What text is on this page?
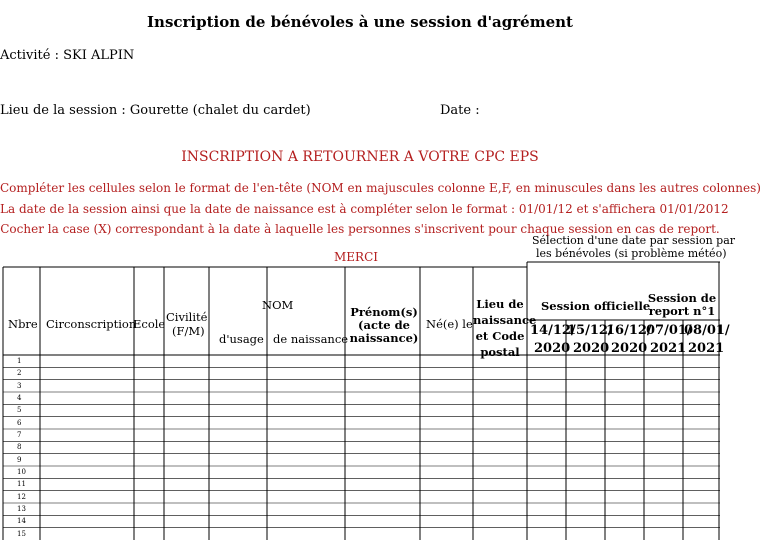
Inscription de bénévoles à une session d'agrément
Activité : SKI ALPIN
Lieu de la session : Gourette (chalet du cardet)	Date :
INSCRIPTION A RETOURNER A VOTRE CPC EPS
Compléter les cellules selon le format de l'en-tête (NOM en majuscules colonne E,F, en minuscules dans les autres colonnes)
La date de la session ainsi que la date de naissance est à compléter selon le format : 01/01/12 et s'affichera 01/01/2012
Cocher la case (X) correspondant à la date à laquelle les personnes s'inscrivent pour chaque session en cas de report.
MERCI
Sélection d'une date par session par
les bénévoles (si problème météo)
Nbre Circonscription
Ecole Civilité
(F/M)
NOM
d'usage de naissance
Prénom(s)
(acte de
naissance)
Né(e) le
Lieu de
naissance
et Code
postal
Session officielle
Session de
report n°1
14/12/
15/12/
16/12/
07/01/
08/01/
2020 2020 2020 2021 2021
1
2
3
4
5
6
7
8
9
10
11
12
13
14
15
